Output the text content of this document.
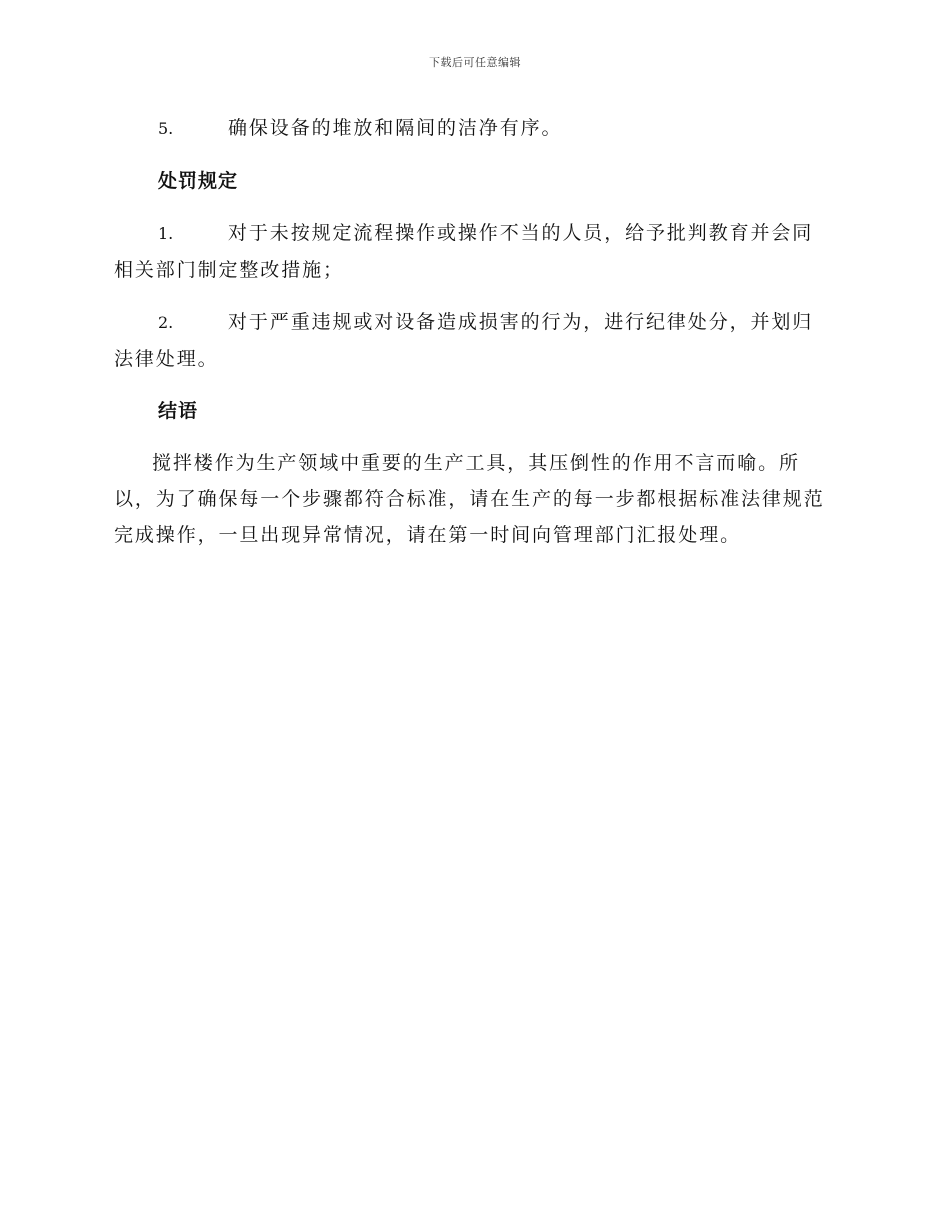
下载后可任意编辑

5.	确保设备的堆放和隔间的洁净有序。

处罚规定

1.	对于未按规定流程操作或操作不当的人员，给予批判教育并会同相关部门制定整改措施；

2.	对于严重违规或对设备造成损害的行为，进行纪律处分，并划归法律处理。

结语

搅拌楼作为生产领域中重要的生产工具，其压倒性的作用不言而喻。所以，为了确保每一个步骤都符合标准，请在生产的每一步都根据标准法律规范完成操作，一旦出现异常情况，请在第一时间向管理部门汇报处理。
